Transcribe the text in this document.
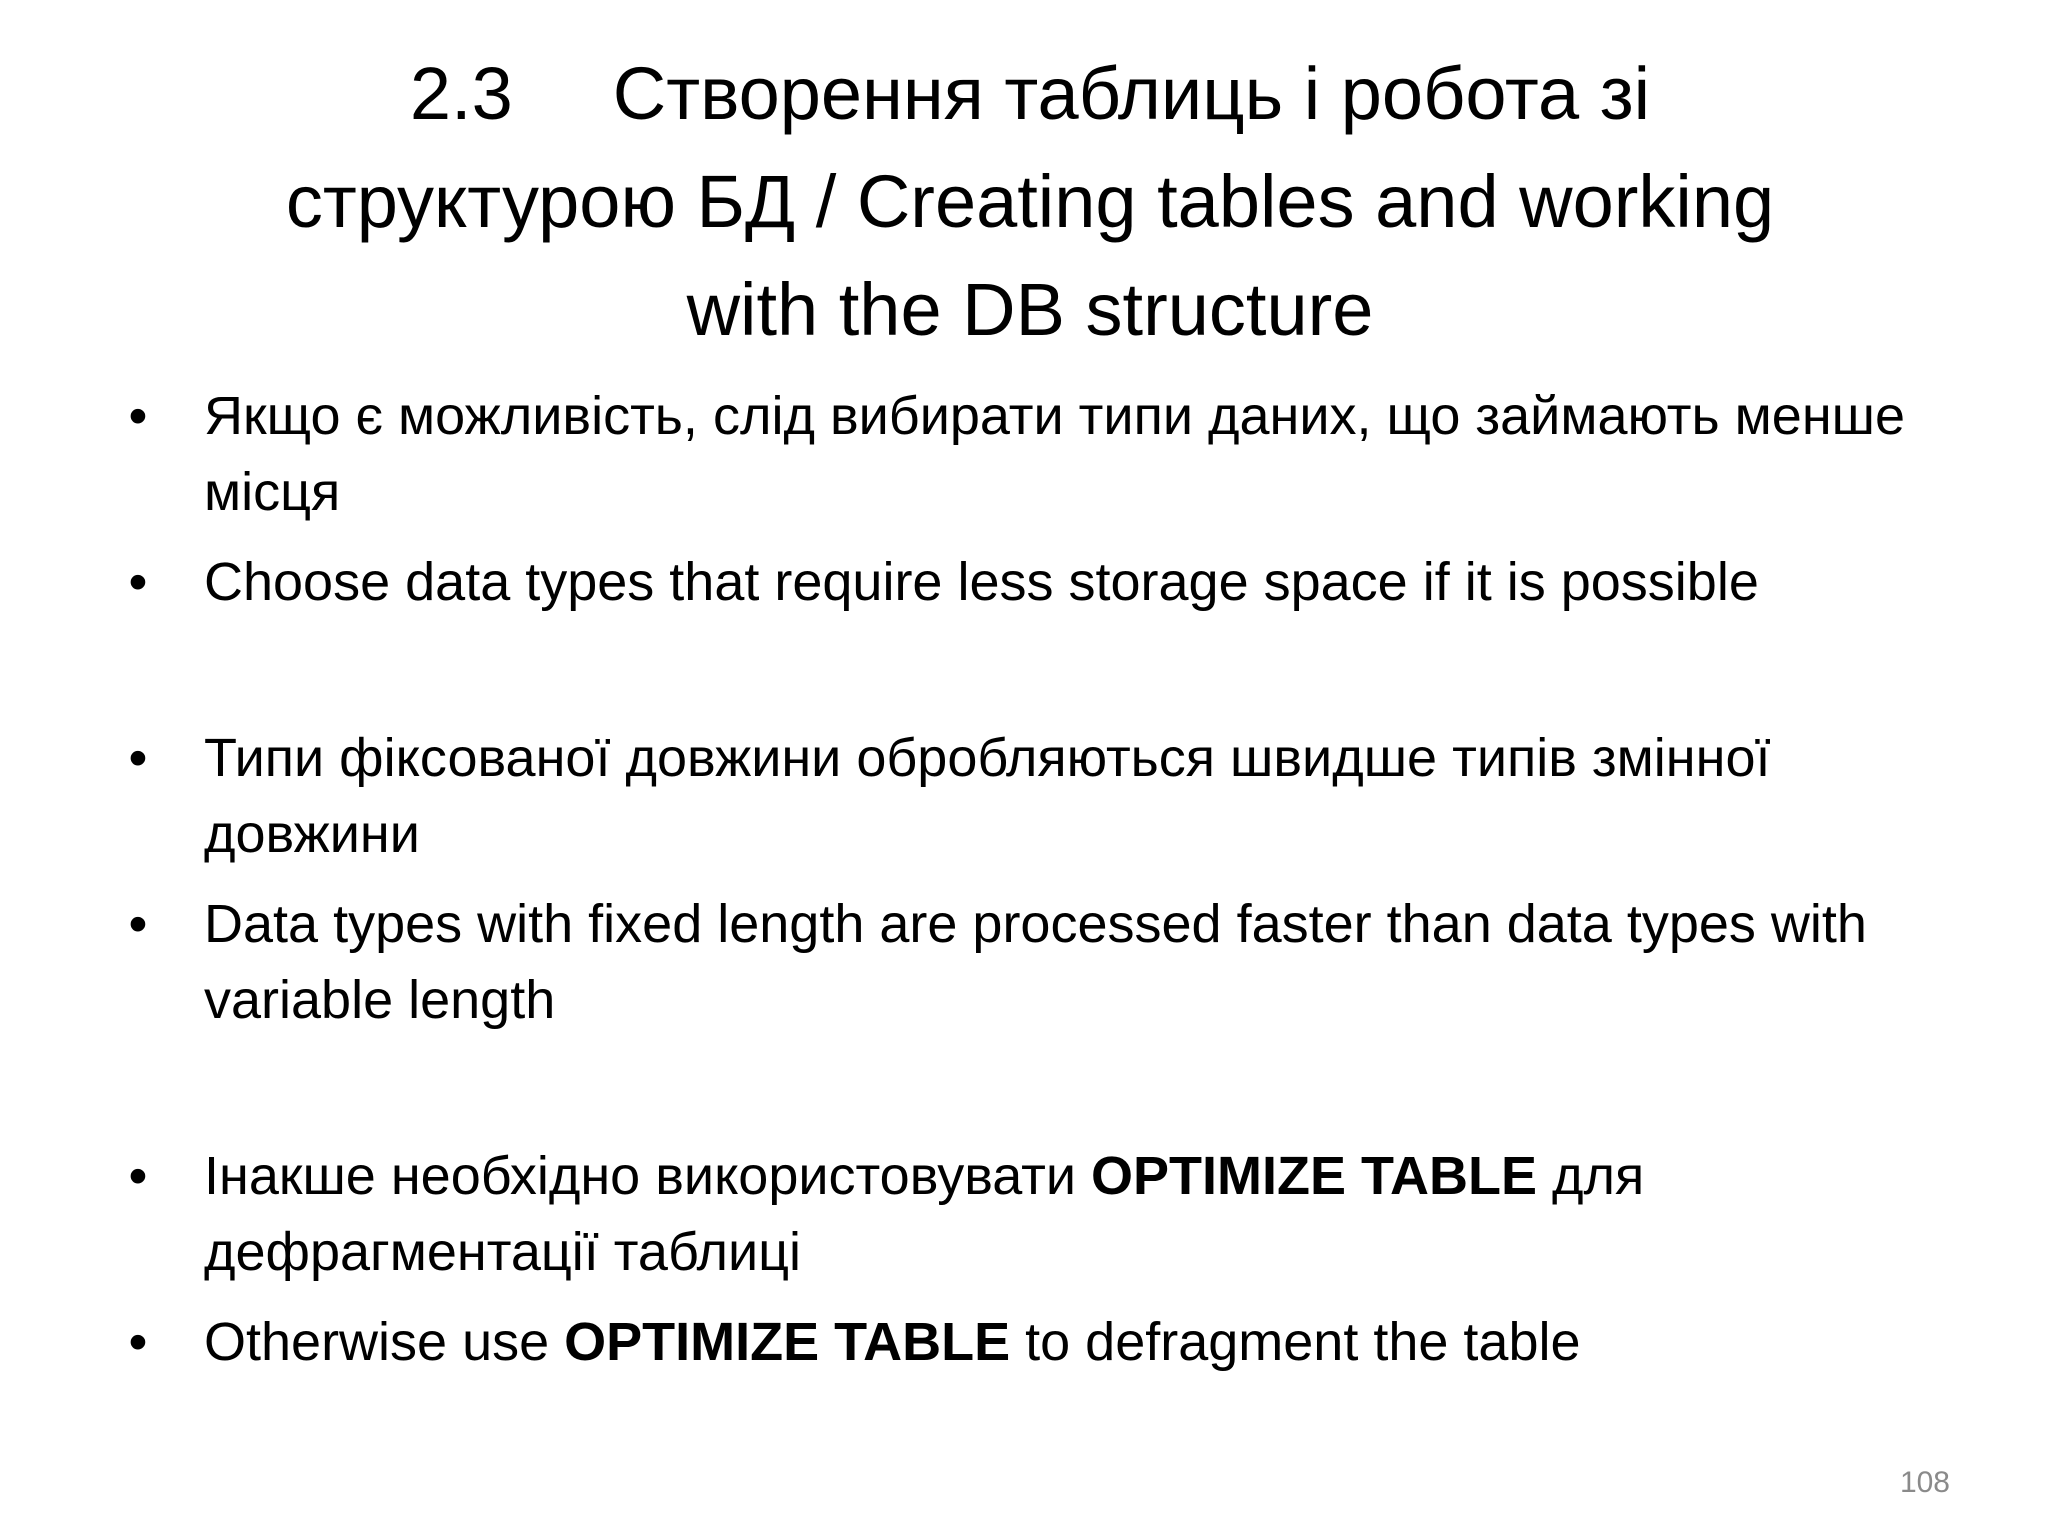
2.3 Створення таблиць і робота зі
структурою БД / Creating tables and working
with the DB structure
• Якщо є можливість, слід вибирати типи даних, що займають менше місця
• Choose data types that require less storage space if it is possible
• Типи фіксованої довжини обробляються швидше типів змінної довжини
• Data types with fixed length are processed faster than data types with variable length
• Інакше необхідно використовувати OPTIMIZE TABLE для дефрагментації таблиці
• Otherwise use OPTIMIZE TABLE to defragment the table
108
